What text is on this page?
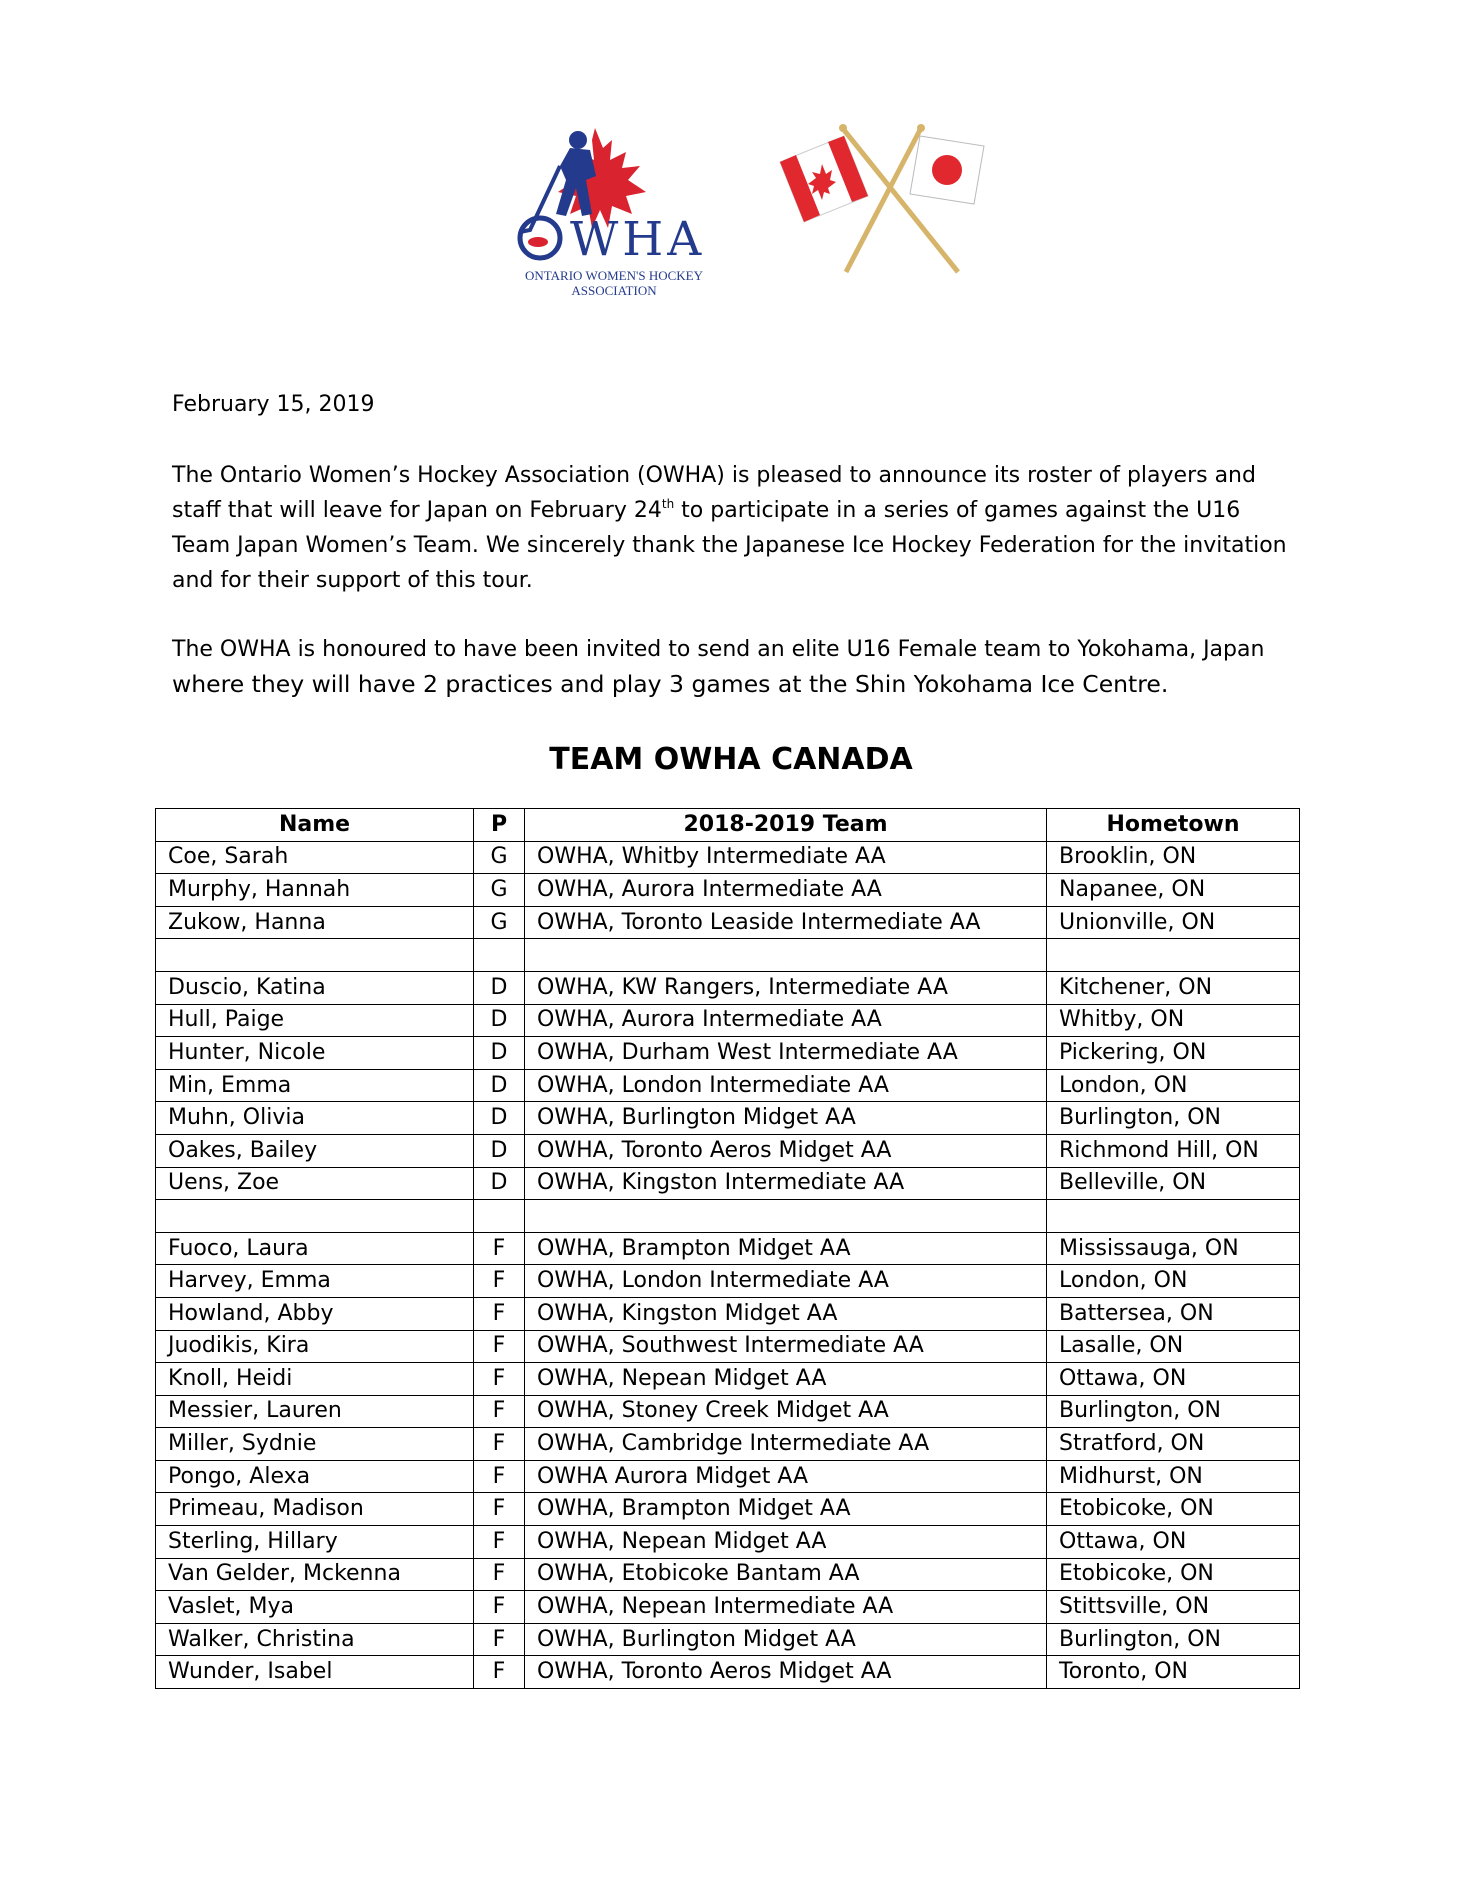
WHA
ONTARIO WOMEN'S HOCKEY
ASSOCIATION
February 15, 2019
The Ontario Women’s Hockey Association (OWHA) is pleased to announce its roster of players and staff that will leave for Japan on February 24th to participate in a series of games against the U16 Team Japan Women’s Team. We sincerely thank the Japanese Ice Hockey Federation for the invitation and for their support of this tour.
The OWHA is honoured to have been invited to send an elite U16 Female team to Yokohama, Japan
where they will have 2 practices and play 3 games at the Shin Yokohama Ice Centre.
TEAM OWHA CANADA
Name	P	2018-2019 Team	Hometown
Coe, Sarah	G	OWHA, Whitby Intermediate AA	Brooklin, ON
Murphy, Hannah	G	OWHA, Aurora Intermediate AA	Napanee, ON
Zukow, Hanna	G	OWHA, Toronto Leaside Intermediate AA	Unionville, ON

Duscio, Katina	D	OWHA, KW Rangers, Intermediate AA	Kitchener, ON
Hull, Paige	D	OWHA, Aurora Intermediate AA	Whitby, ON
Hunter, Nicole	D	OWHA, Durham West Intermediate AA	Pickering, ON
Min, Emma	D	OWHA, London Intermediate AA	London, ON
Muhn, Olivia	D	OWHA, Burlington Midget AA	Burlington, ON
Oakes, Bailey	D	OWHA, Toronto Aeros Midget AA	Richmond Hill, ON
Uens, Zoe	D	OWHA, Kingston Intermediate AA	Belleville, ON

Fuoco, Laura	F	OWHA, Brampton Midget AA	Mississauga, ON
Harvey, Emma	F	OWHA, London Intermediate AA	London, ON
Howland, Abby	F	OWHA, Kingston Midget AA	Battersea, ON
Juodikis, Kira	F	OWHA, Southwest Intermediate AA	Lasalle, ON
Knoll, Heidi	F	OWHA, Nepean Midget AA	Ottawa, ON
Messier, Lauren	F	OWHA, Stoney Creek Midget AA	Burlington, ON
Miller, Sydnie	F	OWHA, Cambridge Intermediate AA	Stratford, ON
Pongo, Alexa	F	OWHA Aurora Midget AA	Midhurst, ON
Primeau, Madison	F	OWHA, Brampton Midget AA	Etobicoke, ON
Sterling, Hillary	F	OWHA, Nepean Midget AA	Ottawa, ON
Van Gelder, Mckenna	F	OWHA, Etobicoke Bantam AA	Etobicoke, ON
Vaslet, Mya	F	OWHA, Nepean Intermediate AA	Stittsville, ON
Walker, Christina	F	OWHA, Burlington Midget AA	Burlington, ON
Wunder, Isabel	F	OWHA, Toronto Aeros Midget AA	Toronto, ON
